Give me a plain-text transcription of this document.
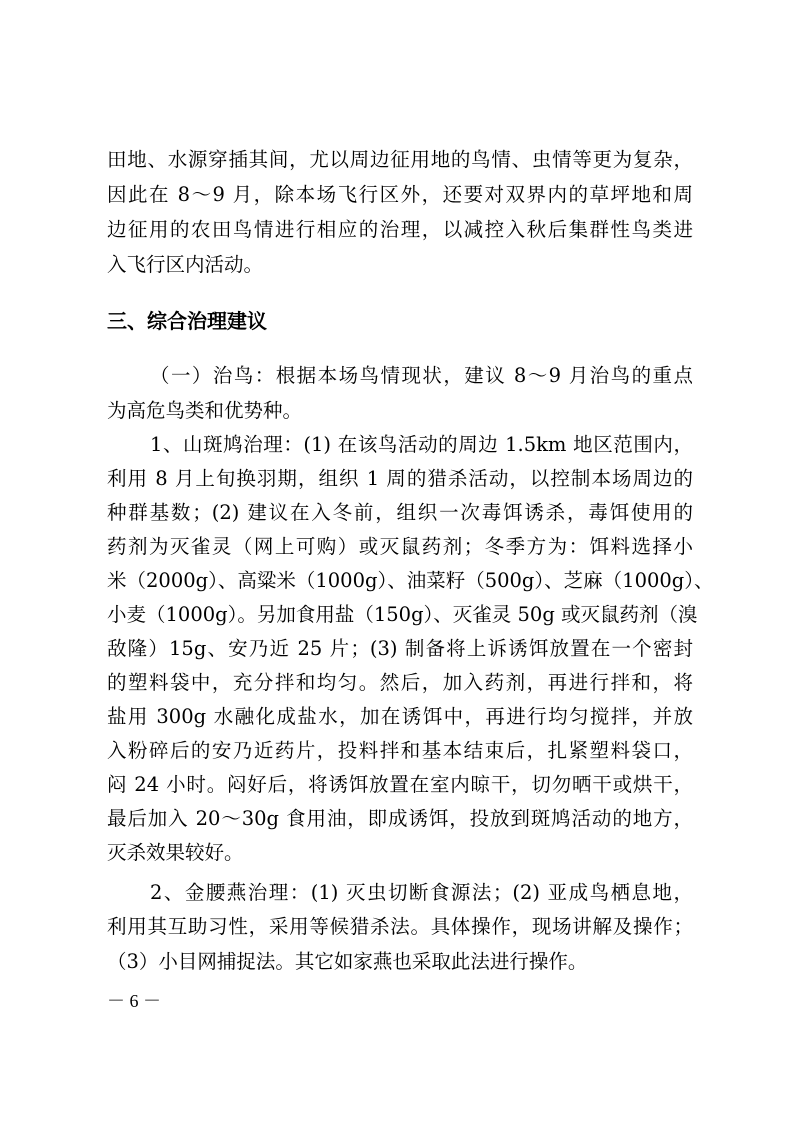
田地、水源穿插其间，尤以周边征用地的鸟情、虫情等更为复杂，
因此在 8～9 月，除本场飞行区外，还要对双界内的草坪地和周
边征用的农田鸟情进行相应的治理，以减控入秋后集群性鸟类进
入飞行区内活动。
三、综合治理建议
（一）治鸟：根据本场鸟情现状，建议 8～9 月治鸟的重点
为高危鸟类和优势种。
1、山斑鸠治理：(1) 在该鸟活动的周边 1.5km 地区范围内，
利用 8 月上旬换羽期，组织 1 周的猎杀活动，以控制本场周边的
种群基数；(2) 建议在入冬前，组织一次毒饵诱杀，毒饵使用的
药剂为灭雀灵（网上可购）或灭鼠药剂；冬季方为：饵料选择小
米（2000g）、高粱米（1000g）、油菜籽（500g）、芝麻（1000g）、
小麦（1000g）。另加食用盐（150g）、灭雀灵 50g 或灭鼠药剂（溴
敌隆）15g、安乃近 25 片；(3) 制备将上诉诱饵放置在一个密封
的塑料袋中，充分拌和均匀。然后，加入药剂，再进行拌和，将
盐用 300g 水融化成盐水，加在诱饵中，再进行均匀搅拌，并放
入粉碎后的安乃近药片，投料拌和基本结束后，扎紧塑料袋口，
闷 24 小时。闷好后，将诱饵放置在室内晾干，切勿晒干或烘干，
最后加入 20～30g 食用油，即成诱饵，投放到斑鸠活动的地方，
灭杀效果较好。
2、金腰燕治理：(1) 灭虫切断食源法；(2) 亚成鸟栖息地，
利用其互助习性，采用等候猎杀法。具体操作，现场讲解及操作；
（3）小目网捕捉法。其它如家燕也采取此法进行操作。
－ 6 －
